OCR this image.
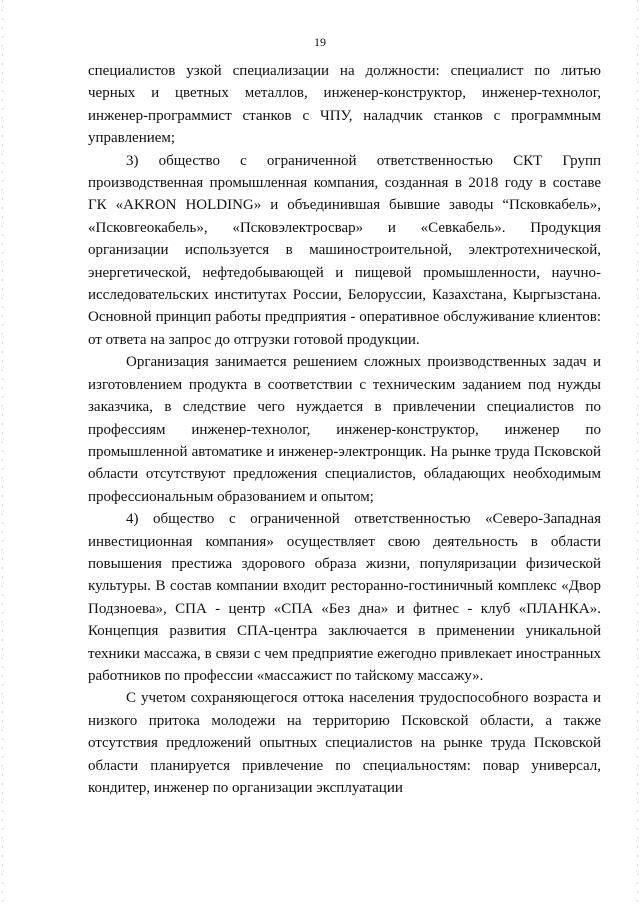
19

специалистов узкой специализации на должности: специалист по литью черных и цветных металлов, инженер-конструктор, инженер-технолог, инженер-программист станков с ЧПУ, наладчик станков с программным управлением;

3) общество с ограниченной ответственностью СКТ Групп производственная промышленная компания, созданная в 2018 году в составе ГК «AKRON HOLDING» и объединившая бывшие заводы “Псковкабель», «Псковгеокабель», «Псковэлектросвар» и «Севкабель». Продукция организации используется в машиностроительной, электротехнической, энергетической, нефтедобывающей и пищевой промышленности, научно-исследовательских институтах России, Белоруссии, Казахстана, Кыргызстана. Основной принцип работы предприятия - оперативное обслуживание клиентов: от ответа на запрос до отгрузки готовой продукции.

Организация занимается решением сложных производственных задач и изготовлением продукта в соответствии с техническим заданием под нужды заказчика, в следствие чего нуждается в привлечении специалистов по профессиям инженер-технолог, инженер-конструктор, инженер по промышленной автоматике и инженер-электронщик. На рынке труда Псковской области отсутствуют предложения специалистов, обладающих необходимым профессиональным образованием и опытом;

4) общество с ограниченной ответственностью «Северо-Западная инвестиционная компания» осуществляет свою деятельность в области повышения престижа здорового образа жизни, популяризации физической культуры. В состав компании входит ресторанно-гостиничный комплекс «Двор Подзноева», СПА - центр «СПА «Без дна» и фитнес - клуб «ПЛАНКА». Концепция развития СПА-центра заключается в применении уникальной техники массажа, в связи с чем предприятие ежегодно привлекает иностранных работников по профессии «массажист по тайскому массажу».

С учетом сохраняющегося оттока населения трудоспособного возраста и низкого притока молодежи на территорию Псковской области, а также отсутствия предложений опытных специалистов на рынке труда Псковской области планируется привлечение по специальностям: повар универсал, кондитер, инженер по организации эксплуатации
